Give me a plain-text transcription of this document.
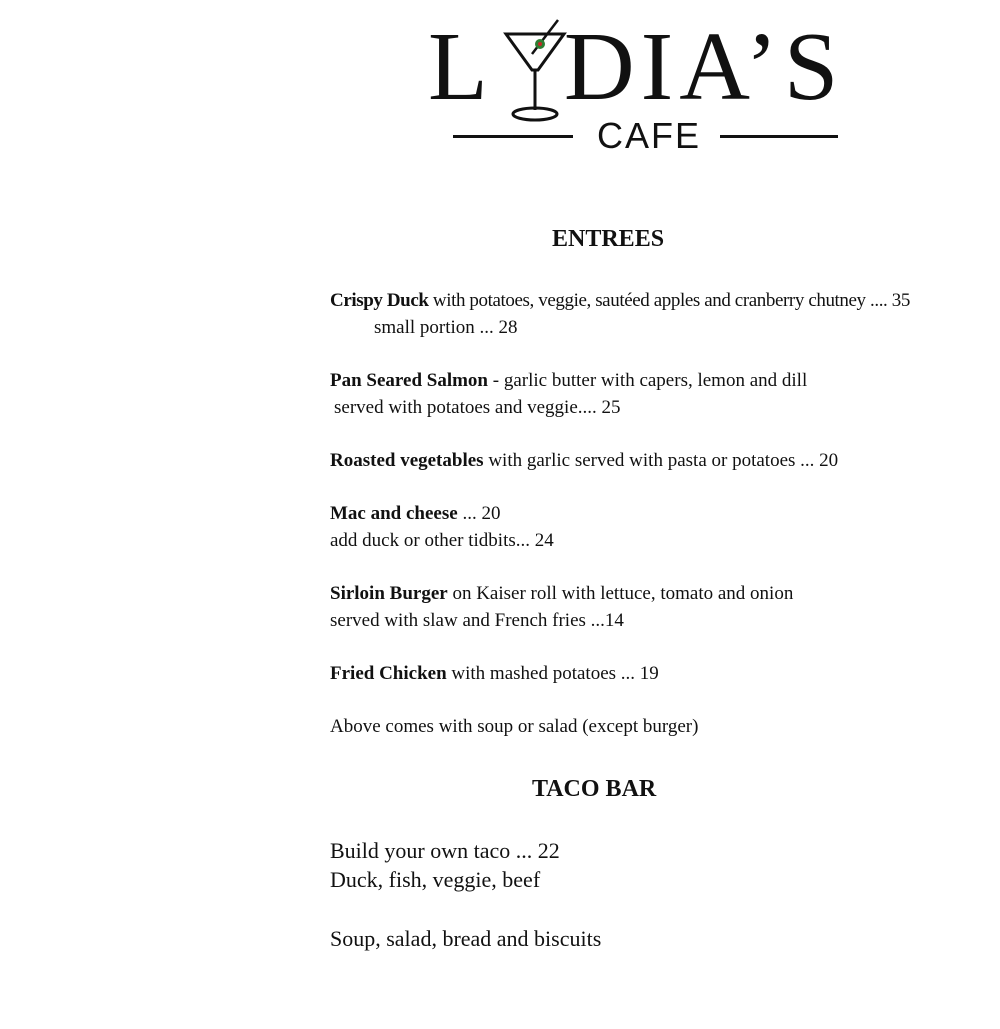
L DIA’S
CAFE
ENTREES
Crispy Duck with potatoes, veggie, sautéed apples and cranberry chutney .... 35
small portion ... 28
Pan Seared Salmon - garlic butter with capers, lemon and dill
served with potatoes and veggie.... 25
Roasted vegetables with garlic served with pasta or potatoes ... 20
Mac and cheese ... 20
add duck or other tidbits... 24
Sirloin Burger on Kaiser roll with lettuce, tomato and onion
served with slaw and French fries ...14
Fried Chicken with mashed potatoes ... 19
Above comes with soup or salad (except burger)
TACO BAR
Build your own taco ... 22
Duck, fish, veggie, beef
Soup, salad, bread and biscuits
